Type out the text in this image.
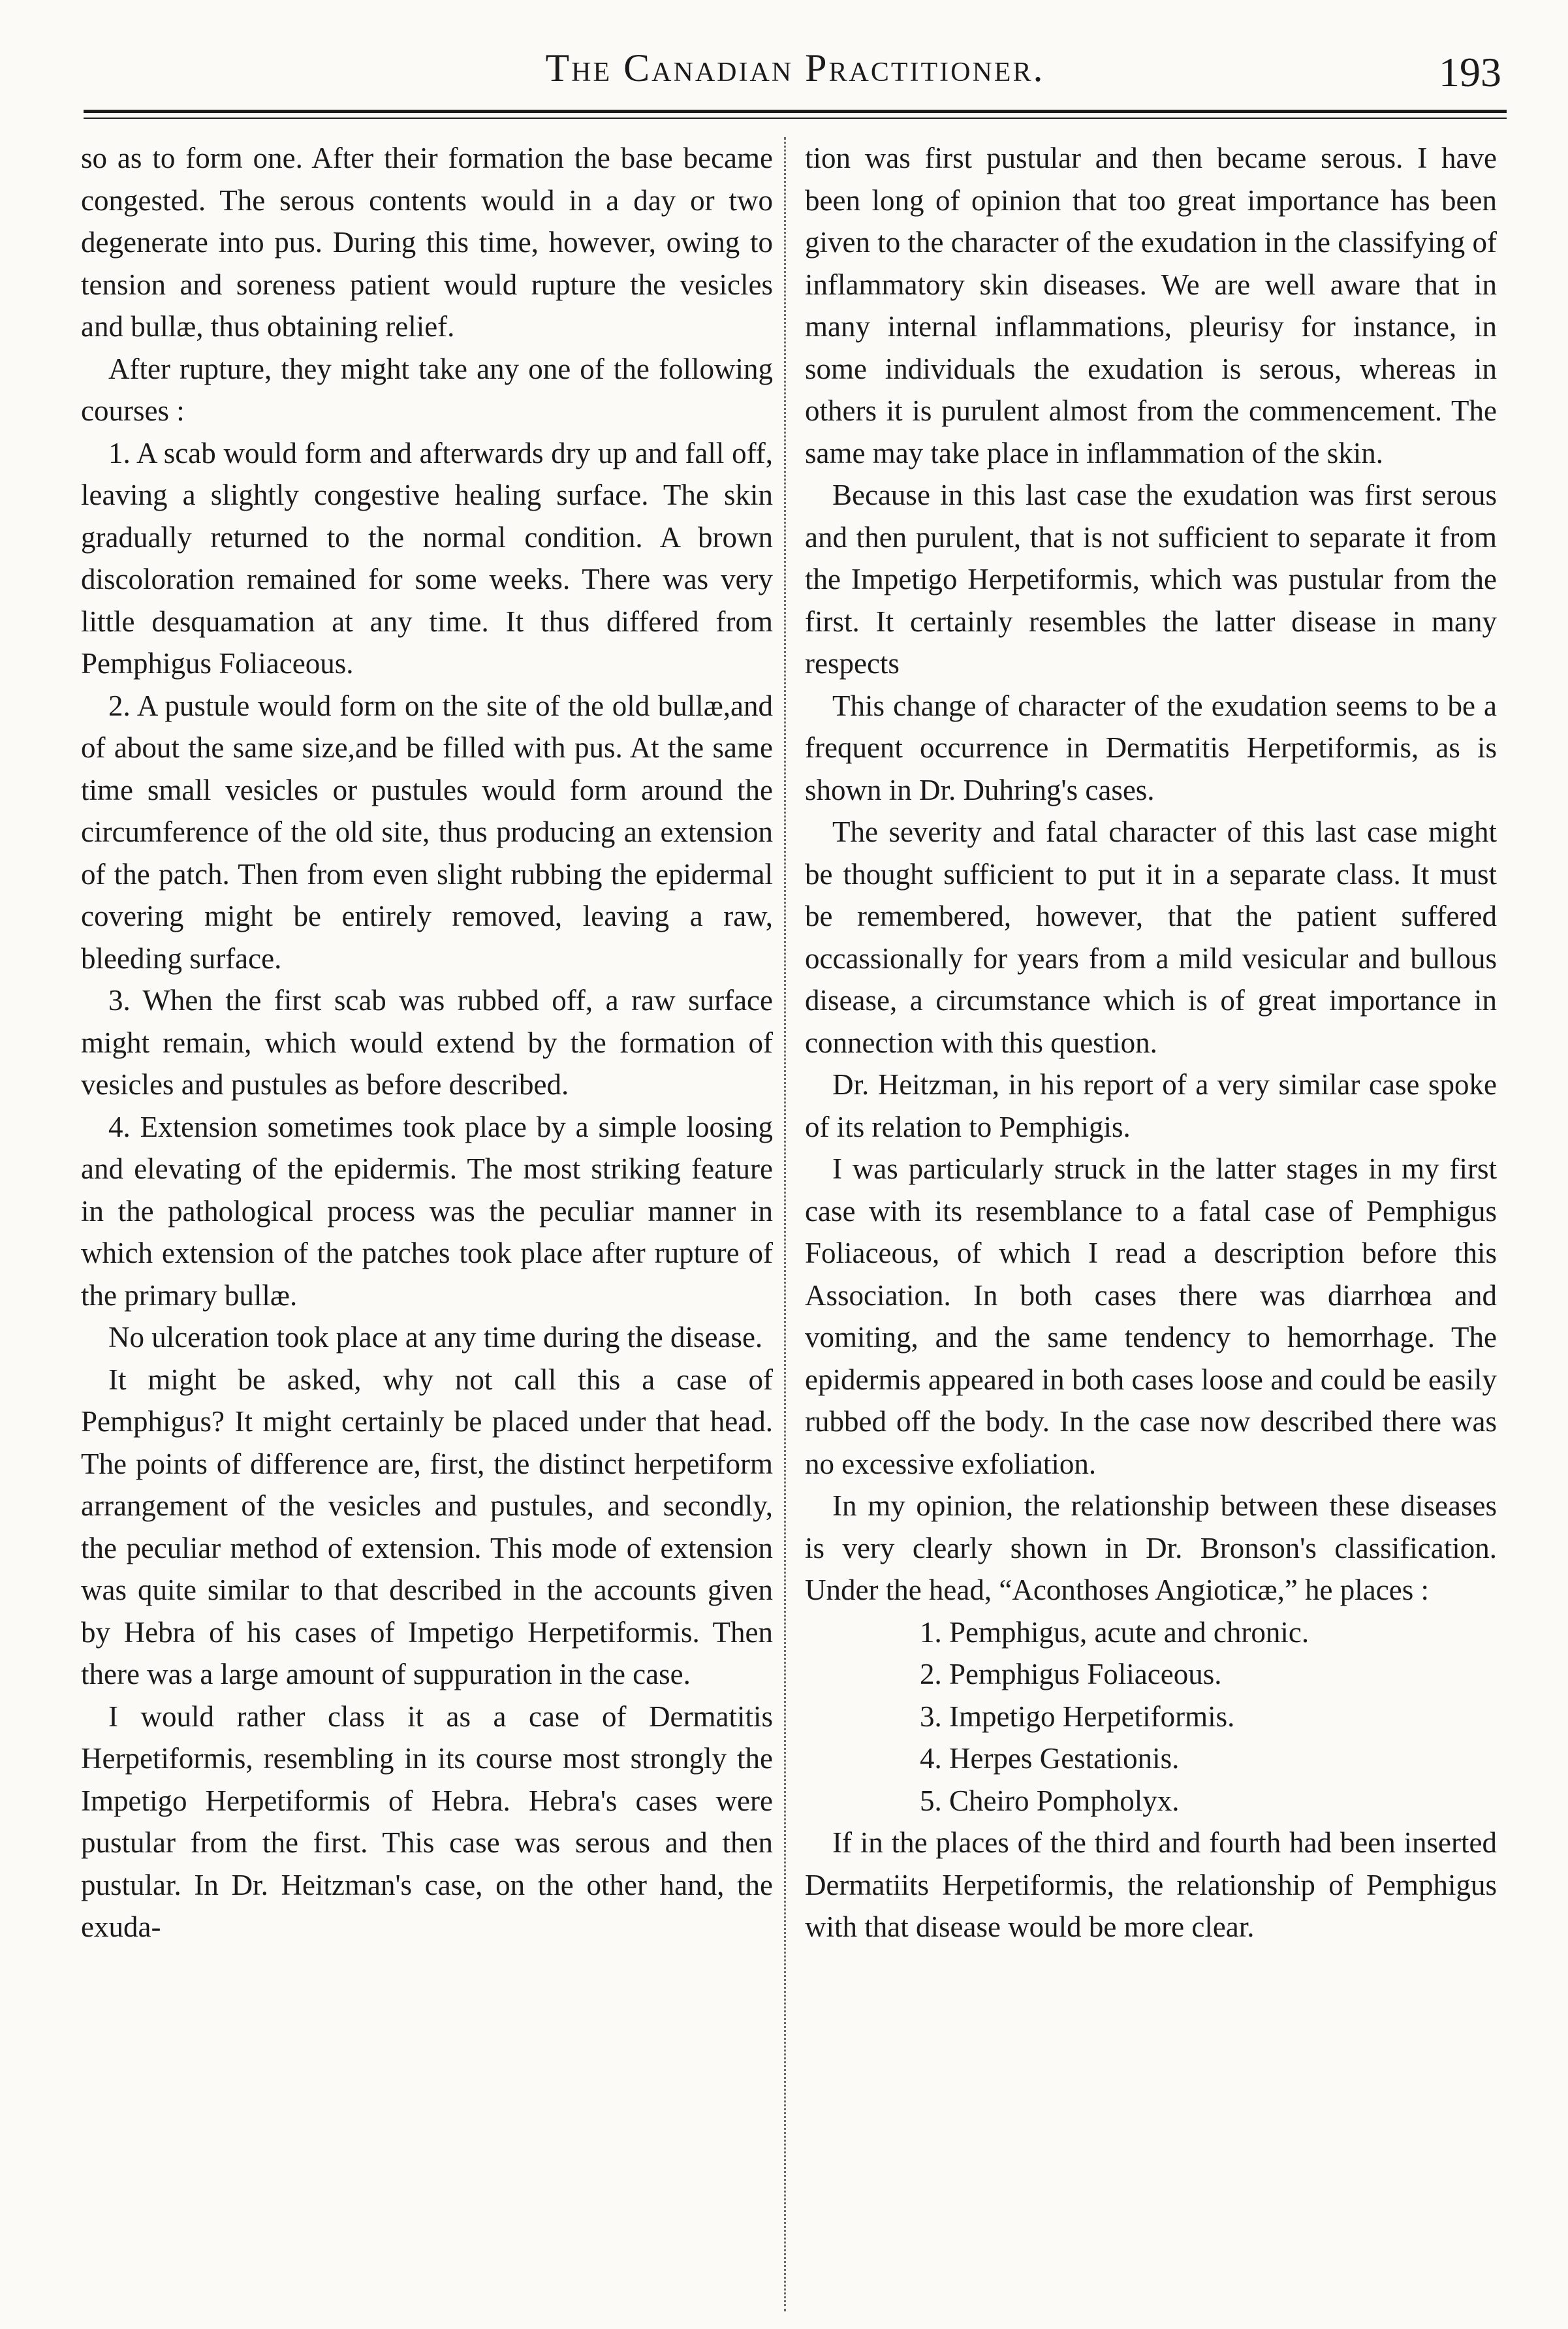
The Canadian Practitioner.	193

so as to form one. After their formation the base became congested. The serous contents would in a day or two degenerate into pus. During this time, however, owing to tension and soreness patient would rupture the vesicles and bullæ, thus obtaining relief.

After rupture, they might take any one of the following courses :

1. A scab would form and afterwards dry up and fall off, leaving a slightly congestive healing surface. The skin gradually returned to the normal condition. A brown discoloration remained for some weeks. There was very little desquamation at any time. It thus differed from Pemphigus Foliaceous.

2. A pustule would form on the site of the old bullæ,and of about the same size,and be filled with pus. At the same time small vesicles or pustules would form around the circumference of the old site, thus producing an extension of the patch. Then from even slight rubbing the epidermal covering might be entirely removed, leaving a raw, bleeding surface.

3. When the first scab was rubbed off, a raw surface might remain, which would extend by the formation of vesicles and pustules as before described.

4. Extension sometimes took place by a simple loosing and elevating of the epidermis. The most striking feature in the pathological process was the peculiar manner in which extension of the patches took place after rupture of the primary bullæ.

No ulceration took place at any time during the disease.

It might be asked, why not call this a case of Pemphigus? It might certainly be placed under that head. The points of difference are, first, the distinct herpetiform arrangement of the vesicles and pustules, and secondly, the peculiar method of extension. This mode of extension was quite similar to that described in the accounts given by Hebra of his cases of Impetigo Herpetiformis. Then there was a large amount of suppuration in the case.

I would rather class it as a case of Dermatitis Herpetiformis, resembling in its course most strongly the Impetigo Herpetiformis of Hebra. Hebra's cases were pustular from the first. This case was serous and then pustular. In Dr. Heitzman's case, on the other hand, the exuda-

tion was first pustular and then became serous. I have been long of opinion that too great importance has been given to the character of the exudation in the classifying of inflammatory skin diseases. We are well aware that in many internal inflammations, pleurisy for instance, in some individuals the exudation is serous, whereas in others it is purulent almost from the commencement. The same may take place in inflammation of the skin.

Because in this last case the exudation was first serous and then purulent, that is not sufficient to separate it from the Impetigo Herpetiformis, which was pustular from the first. It certainly resembles the latter disease in many respects

This change of character of the exudation seems to be a frequent occurrence in Dermatitis Herpetiformis, as is shown in Dr. Duhring's cases.

The severity and fatal character of this last case might be thought sufficient to put it in a separate class. It must be remembered, however, that the patient suffered occassionally for years from a mild vesicular and bullous disease, a circumstance which is of great importance in connection with this question.

Dr. Heitzman, in his report of a very similar case spoke of its relation to Pemphigis.

I was particularly struck in the latter stages in my first case with its resemblance to a fatal case of Pemphigus Foliaceous, of which I read a description before this Association. In both cases there was diarrhœa and vomiting, and the same tendency to hemorrhage. The epidermis appeared in both cases loose and could be easily rubbed off the body. In the case now described there was no excessive exfoliation.

In my opinion, the relationship between these diseases is very clearly shown in Dr. Bronson's classification. Under the head, “Aconthoses Angioticæ,” he places :

1. Pemphigus, acute and chronic.
2. Pemphigus Foliaceous.
3. Impetigo Herpetiformis.
4. Herpes Gestationis.
5. Cheiro Pompholyx.

If in the places of the third and fourth had been inserted Dermatiits Herpetiformis, the relationship of Pemphigus with that disease would be more clear.
